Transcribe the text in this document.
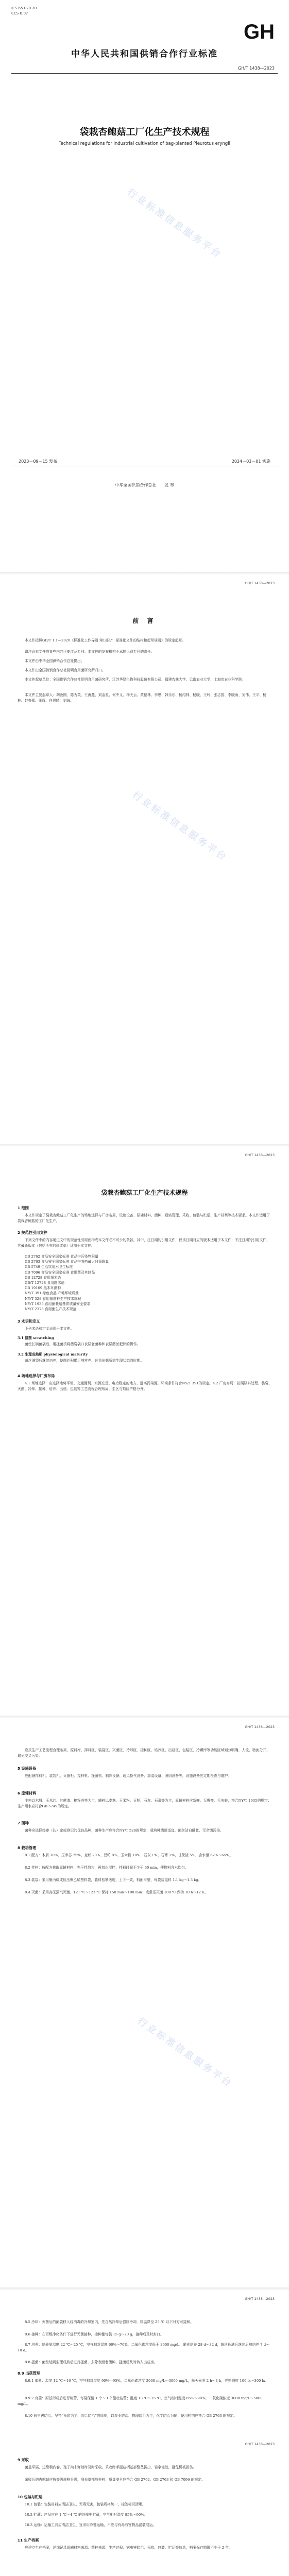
ICS 65.020.20
CCS B 07
GH
中华人民共和国供销合作行业标准
GH/T 1438—2023
袋栽杏鲍菇工厂化生产技术规程
Technical regulations for industrial cultivation of bag-planted Pleurotus eryngii
行业标准信息服务平台
2023－09－15 发布	2024－03－01 实施
中华全国供销合作总社　　发 布
GH/T 1438—2023
前 言

本文件按照GB/T 1.1—2020《标准化工作导则 第1部分：标准化文件的结构和起草规则》的规定起草。

请注意本文件的某些内容可能涉及专利。本文件的发布机构不承担识别专利的责任。

本文件由中华全国供销合作总社提出。

本文件由全国供销合作总社昆明食用菌研究所归口。

本文件起草单位：全国供销合作总社昆明食用菌研究所、江苏华绿生物科技股份有限公司、福建农林大学、云南农业大学、上海市农业科学院。

本文件主要起草人：胡汝刚、陈为英、王海燕、刘金星、何中义、杨天云、黄德林、李思、韩乐乐、杨绍林、杨晓、王玲、张志国、李晓雨、刘伟、王平、杨林、赵春蕾、张辉、何思晴、刘海。

行业标准信息服务平台
GH/T 1438—2023
袋栽杏鲍菇工厂化生产技术规程

1 范围

本文件规定了袋栽杏鲍菇工厂化生产的场地选择与厂房布局、设施设备、原辅材料、菌种、栽培管理、采收、包装与贮运、生产档案等技术要求。本文件适用于袋栽杏鲍菇的工厂化生产。

2 规范性引用文件

下列文件中的内容通过文中的规范性引用而构成本文件必不可少的条款。其中，注日期的引用文件，仅该日期对应的版本适用于本文件；不注日期的引用文件，其最新版本（包括所有的修改单）适用于本文件。

GB 2762 食品安全国家标准 食品中污染物限量
GB 2763 食品安全国家标准 食品中农药最大残留限量
GB 5749 生活饮用水卫生标准
GB 7096 食品安全国家标准 食用菌及其制品
GB 12728 食用菌术语
GB/T 12728 食用菌术语
GB 19169 黑木耳菌种
NY/T 391 绿色食品 产地环境质量
NY/T 528 食用菌菌种生产技术规程
NY/T 1935 食用菌栽培基质质量安全要求
NY/T 2375 食用菌生产技术规范

3 术语和定义

下列术语和定义适用于本文件。

3.1 搔菌 scratching

菌丝长满菌袋后，用搔菌机将菌袋袋口表层老菌种和表层菌丝耙除的操作。

3.2 生理成熟期 physiological maturity

菌丝满袋后继续培养，使菌丝积累足够营养、达到出菇所需生理状态的时期。

4 场地选择与厂房布局

4.1 场地选择：应选择地势平坦、交通便利、水源充足、电力稳定的地方，远离污染源，环境条件符合NY/T 391的规定。4.2 厂房布局：按照原料处理、装袋、灭菌、冷却、接种、培养、出菇、包装等工艺流程合理布局，生区与熟区严格分开。

GH/T 1438—2023

应按生产工艺流程合理布局，原料库、拌料区、装袋区、灭菌区、冷却区、接种区、培养区、出菇区、包装区、冷藏库等功能区域划分明确，人流、物流分开，避免交叉污染。

5 设施设备

应配备拌料机、装袋机、灭菌柜、接种机、搔菌机、制冷设备、通风换气设备、加湿设备、照明设备等，设施设备应定期检查与维护。

6 原辅材料

主料以木屑、玉米芯、甘蔗渣、棉籽壳等为主，辅料以麦麸、玉米粉、豆粕、石灰、石膏等为主，原辅材料应新鲜、无霉变、无虫蛀，符合NY/T 1935的规定；生产用水应符合GB 5749的规定。

7 菌种

菌种应选择经审（认）定或登记的优良品种，菌种生产应符合NY/T 528的规定，栽培种菌龄适宜、菌丝洁白健壮、无杂菌污染。

8 栽培管理

8.1 配方：木屑 30%、玉米芯 25%、麦麸 20%、豆粕 8%、玉米粉 10%、石灰 1%、石膏 1%、甘蔗渣 5%，含水量 62%～65%。

8.2 拌料：按配方称取原辅材料，先干拌均匀，再加水湿拌，拌料时间不少于 60 min，使物料含水均匀。

8.3 装袋：采用聚丙烯或低压聚乙烯塑料袋，装料松紧适度，上下一致，料面平整，每袋装湿料 1.1 kg～1.3 kg。

8.4 灭菌：采用高压蒸汽灭菌，121 ℃～123 ℃ 保持 150 min～180 min；或常压灭菌 100 ℃ 保持 10 h～12 h。

行业标准信息服务平台
GH/T 1438—2023

8.5 冷却：灭菌后的菌袋移入经消毒的冷却室内，先自然冷却后强制冷却，料温降至 25 ℃ 以下时方可接种。

8.6 接种：在百级净化条件下进行无菌接种，接种量每袋 15 g～20 g，接种后及时封口。

8.7 培养：培养室温度 22 ℃～25 ℃，空气相对湿度 60%～70%，二氧化碳浓度低于 3000 mg/L，避光培养 28 d～32 d，菌丝长满后继续后熟培养 7 d～10 d。

8.8 搔菌：菌丝达到生理成熟后进行搔菌，去除表面老菌种，搔菌后及时转入出菇房。

8.9 出菇管理

8.9.1 催蕾：温度 12 ℃～16 ℃，空气相对湿度 90%～95%，二氧化碳浓度 2000 mg/L～3000 mg/L，每天光照 2 h～4 h，光照强度 100 lx～300 lx。

8.9.2 育菇：原基形成后进行疏蕾，每袋保留 1 个～3 个健壮菇蕾；温度 13 ℃～15 ℃，空气相对湿度 85%～90%，二氧化碳浓度 3000 mg/L～5000 mg/L。

8.10 病虫害防治：坚持“预防为主、综合防治”的原则，以农业防治、物理防治为主，化学防治为辅；使用药剂应符合 GB 2763 的规定。

GH/T 1438—2023

9 采收

菌盖平展、边缘稍内卷、孢子尚未弹射时及时采收。采收时手握菇柄基部整丛拔出，轻拿轻放，避免机械损伤。

采收后的杏鲍菇应按等级规格分级，削去基部培养料，质量安全应符合 GB 2762、GB 2763 和 GB 7096 的规定。

10 包装与贮运

10.1 包装：包装材料应清洁卫生、无毒无害，包装规格统一，标签标识清晰。

10.2 贮藏：产品应在 1 ℃～4 ℃ 的冷库中贮藏，空气相对湿度 85%～90%。

10.3 运输：运输工具应清洁卫生，宜采用冷链运输，不应与有毒有害物品混装混运。

11 生产档案

应建立生产档案，详细记录原辅材料来源、菌种来源、生产过程、病虫害防治、采收、包装、贮运等信息，档案保存期限不少于 2 年。
